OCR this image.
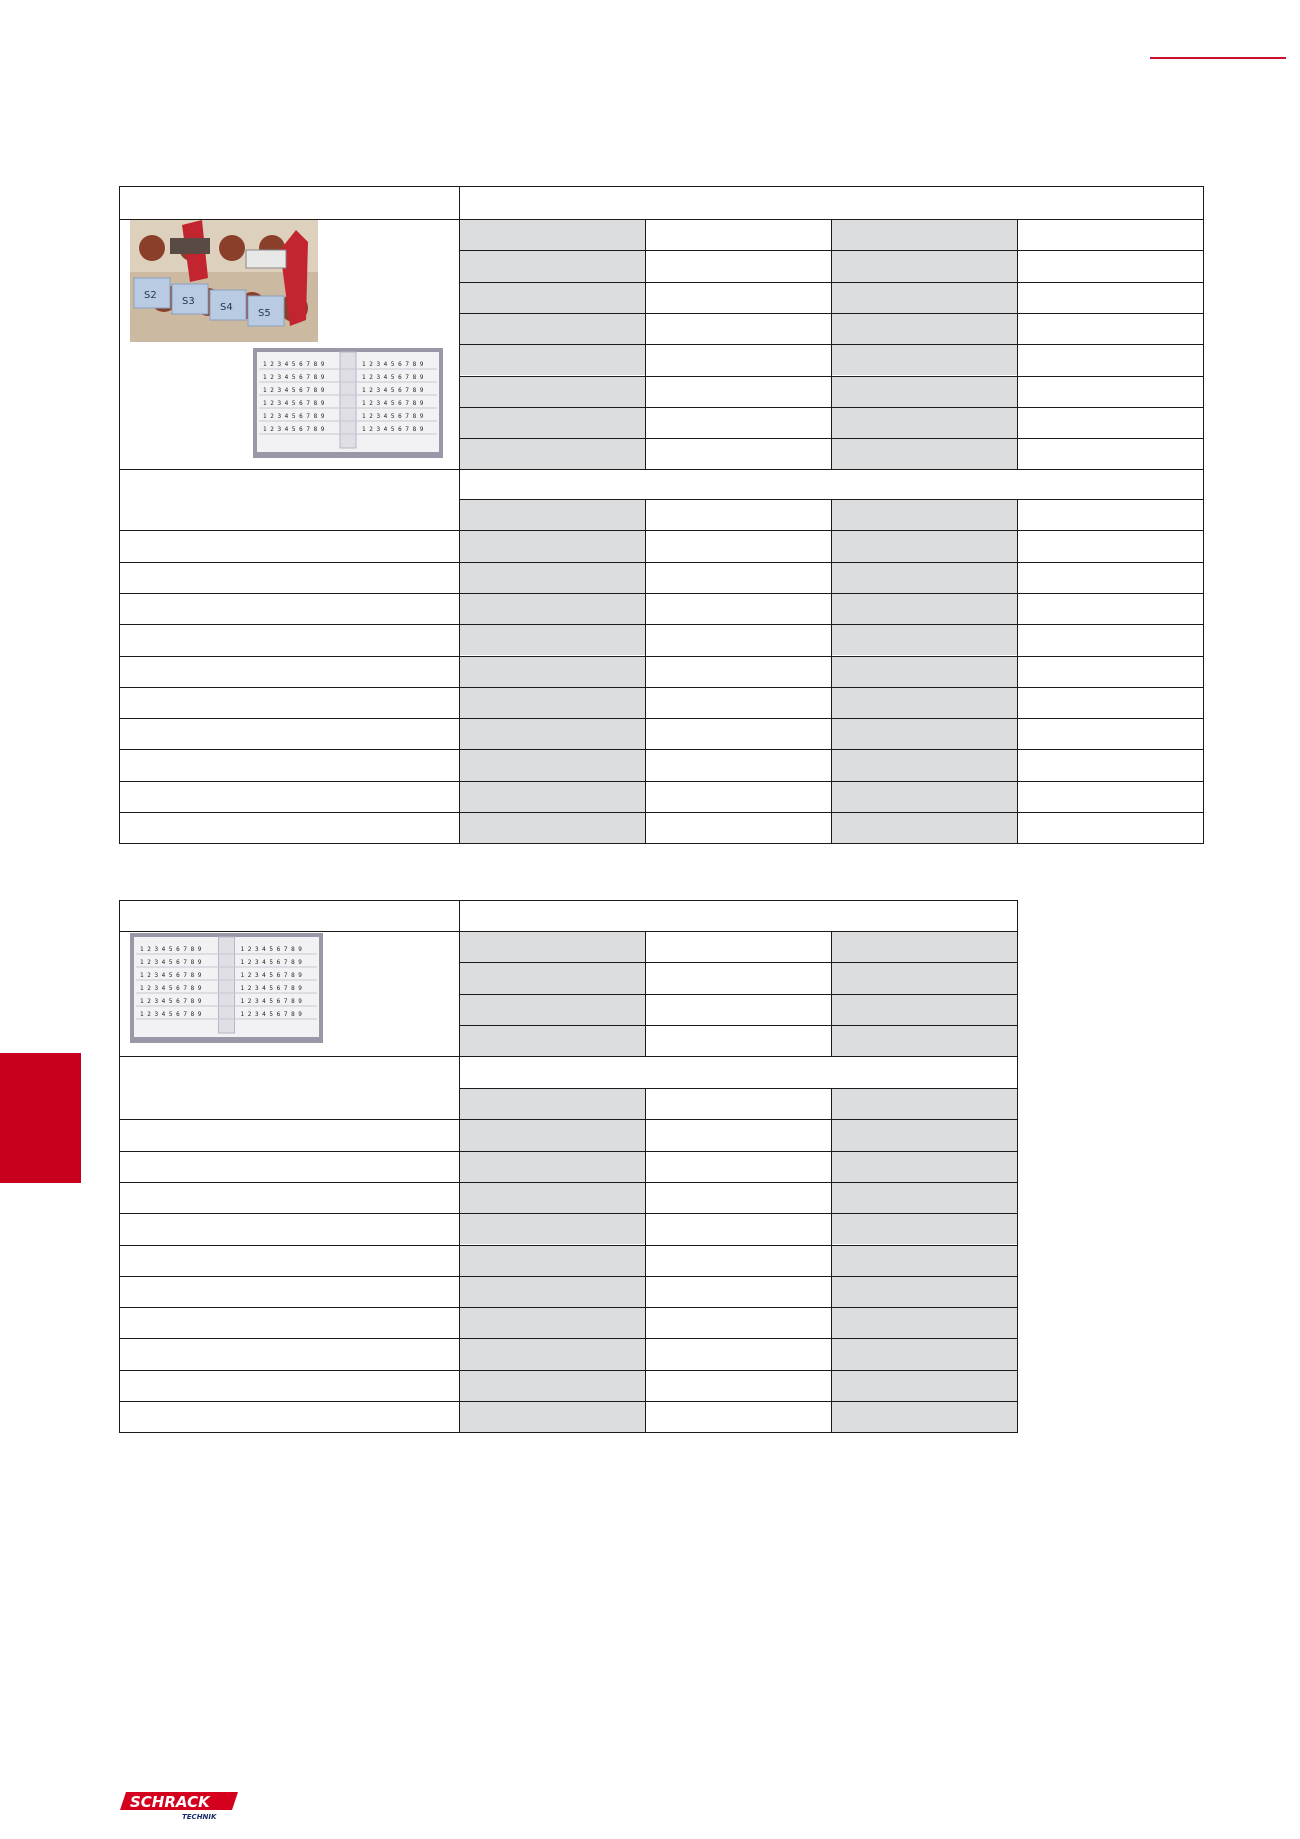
S2
S3
S4
S5
1 2 3 4 5 6 7 8 9	1 2 3 4 5 6 7 8 9
1 2 3 4 5 6 7 8 9	1 2 3 4 5 6 7 8 9
1 2 3 4 5 6 7 8 9	1 2 3 4 5 6 7 8 9
1 2 3 4 5 6 7 8 9	1 2 3 4 5 6 7 8 9
1 2 3 4 5 6 7 8 9	1 2 3 4 5 6 7 8 9
1 2 3 4 5 6 7 8 9	1 2 3 4 5 6 7 8 9
1 2 3 4 5 6 7 8 9	1 2 3 4 5 6 7 8 9
1 2 3 4 5 6 7 8 9	1 2 3 4 5 6 7 8 9
1 2 3 4 5 6 7 8 9	1 2 3 4 5 6 7 8 9
1 2 3 4 5 6 7 8 9	1 2 3 4 5 6 7 8 9
1 2 3 4 5 6 7 8 9	1 2 3 4 5 6 7 8 9
1 2 3 4 5 6 7 8 9	1 2 3 4 5 6 7 8 9
SCHRACK
TECHNIK
